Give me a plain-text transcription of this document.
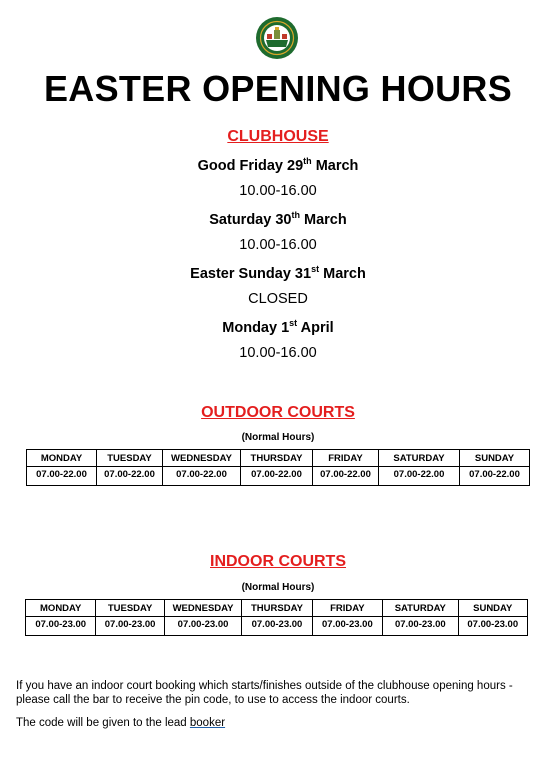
EASTER OPENING HOURS
CLUBHOUSE
Good Friday 29th March
10.00-16.00
Saturday 30th March
10.00-16.00
Easter Sunday 31st March
CLOSED
Monday 1st April
10.00-16.00
OUTDOOR COURTS
(Normal Hours)
MONDAY	TUESDAY	WEDNESDAY	THURSDAY	FRIDAY	SATURDAY	SUNDAY
07.00-22.00	07.00-22.00	07.00-22.00	07.00-22.00	07.00-22.00	07.00-22.00	07.00-22.00
INDOOR COURTS
(Normal Hours)
MONDAY	TUESDAY	WEDNESDAY	THURSDAY	FRIDAY	SATURDAY	SUNDAY
07.00-23.00	07.00-23.00	07.00-23.00	07.00-23.00	07.00-23.00	07.00-23.00	07.00-23.00

If you have an indoor court booking which starts/finishes outside of the clubhouse opening hours - please call the bar to receive the pin code, to use to access the indoor courts.

The code will be given to the lead booker
